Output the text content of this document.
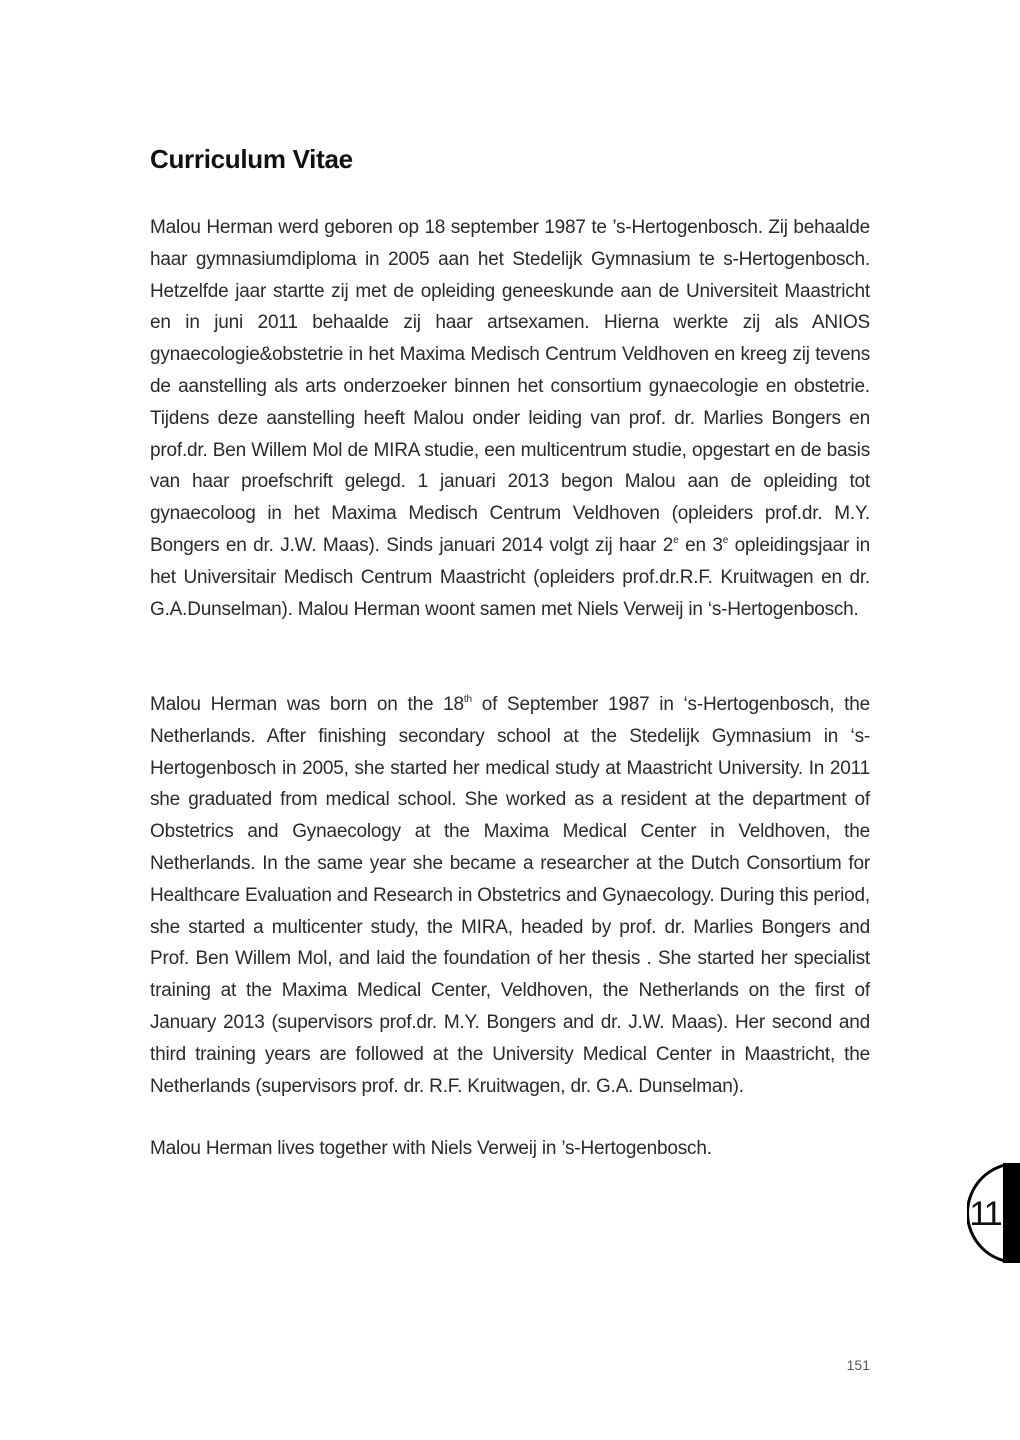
Curriculum Vitae

Malou Herman werd geboren op 18 september 1987 te ’s-Hertogenbosch. Zij behaalde haar gymnasiumdiploma in 2005 aan het Stedelijk Gymnasium te s-Hertogenbosch. Hetzelfde jaar startte zij met de opleiding geneeskunde aan de Universiteit Maastricht en in juni 2011 behaalde zij haar artsexamen. Hierna werkte zij als ANIOS gynaecologie&obstetrie in het Maxima Medisch Centrum Veldhoven en kreeg zij tevens de aanstelling als arts onderzoeker binnen het consortium gynaecologie en obstetrie. Tijdens deze aanstelling heeft Malou onder leiding van prof. dr. Marlies Bongers en prof.dr. Ben Willem Mol de MIRA studie, een multicentrum studie, opgestart en de basis van haar proefschrift gelegd. 1 januari 2013 begon Malou aan de opleiding tot gynaecoloog in het Maxima Medisch Centrum Veldhoven (opleiders prof.dr. M.Y. Bongers en dr. J.W. Maas). Sinds januari 2014 volgt zij haar 2e en 3e opleidingsjaar in het Universitair Medisch Centrum Maastricht (opleiders prof.dr.R.F. Kruitwagen en dr. G.A.Dunselman). Malou Herman woont samen met Niels Verweij in ‘s-Hertogenbosch.

Malou Herman was born on the 18th of September 1987 in ‘s-Hertogenbosch, the Netherlands. After finishing secondary school at the Stedelijk Gymnasium in ‘s-Hertogenbosch in 2005, she started her medical study at Maastricht University. In 2011 she graduated from medical school. She worked as a resident at the department of Obstetrics and Gynaecology at the Maxima Medical Center in Veldhoven, the Netherlands. In the same year she became a researcher at the Dutch Consortium for Healthcare Evaluation and Research in Obstetrics and Gynaecology. During this period, she started a multicenter study, the MIRA, headed by prof. dr. Marlies Bongers and Prof. Ben Willem Mol, and laid the foundation of her thesis . She started her specialist training at the Maxima Medical Center, Veldhoven, the Netherlands on the first of January 2013 (supervisors prof.dr. M.Y. Bongers and dr. J.W. Maas). Her second and third training years are followed at the University Medical Center in Maastricht, the Netherlands (supervisors prof. dr. R.F. Kruitwagen, dr. G.A. Dunselman).

Malou Herman lives together with Niels Verweij in ’s-Hertogenbosch.

11
151
